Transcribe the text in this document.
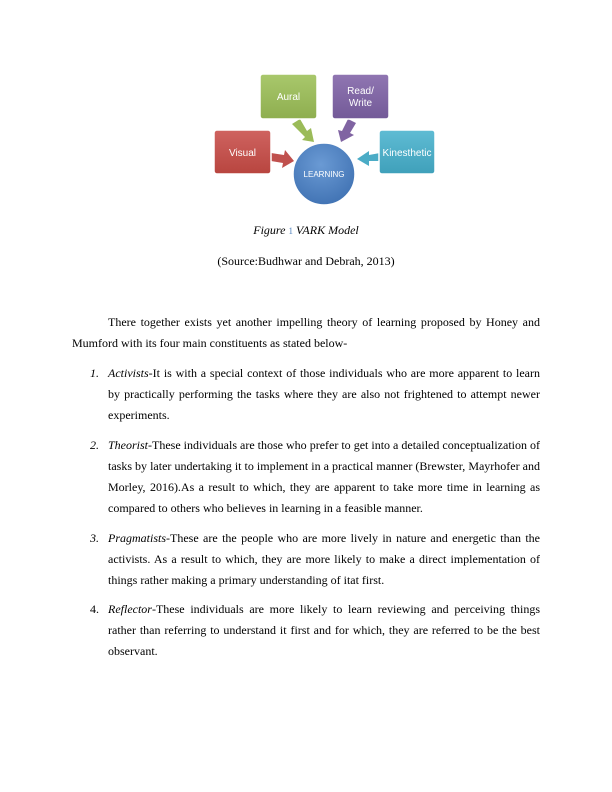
Visual
Aural
Read/
Write
Kinesthetic
LEARNING
Figure 1 VARK Model
(Source:Budhwar and Debrah, 2013)

There together exists yet another impelling theory of learning proposed by Honey and Mumford with its four main constituents as stated below-

1. Activists-It is with a special context of those individuals who are more apparent to learn by practically performing the tasks where they are also not frightened to attempt newer experiments.
2. Theorist-These individuals are those who prefer to get into a detailed conceptualization of tasks by later undertaking it to implement in a practical manner (Brewster, Mayrhofer and Morley, 2016).As a result to which, they are apparent to take more time in learning as compared to others who believes in learning in a feasible manner.
3. Pragmatists-These are the people who are more lively in nature and energetic than the activists. As a result to which, they are more likely to make a direct implementation of things rather making a primary understanding of itat first.
4. Reflector-These individuals are more likely to learn reviewing and perceiving things rather than referring to understand it first and for which, they are referred to be the best observant.
